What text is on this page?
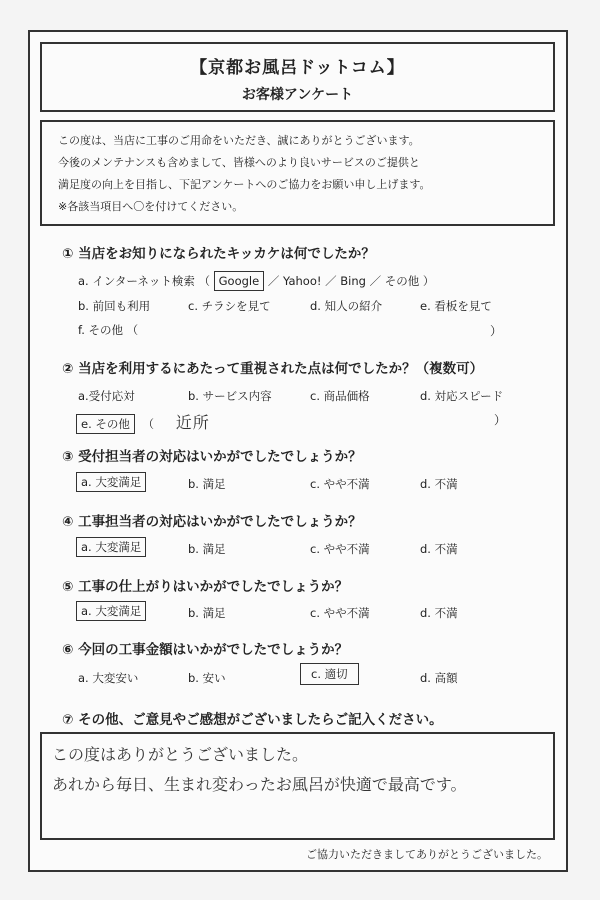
【京都お風呂ドットコム】
お客様アンケート
この度は、当店に工事のご用命をいただき、誠にありがとうございます。
今後のメンテナンスも含めまして、皆様へのより良いサービスのご提供と
満足度の向上を目指し、下記アンケートへのご協力をお願い申し上げます。
※各該当項目へ〇を付けてください。
① 当店をお知りになられたキッカケは何でしたか？
a. インターネット検索 （ Google ／ Yahoo! ／ Bing ／ その他 ）
b. 前回も利用	c. チラシを見て	d. 知人の紹介	e. 看板を見て
f. その他 （	）
② 当店を利用するにあたって重視された点は何でしたか？（複数可）
a.受付応対	b. サービス内容	c. 商品価格	d. 対応スピード
e. その他 （ 近所	）
③ 受付担当者の対応はいかがでしたでしょうか？
a. 大変満足	b. 満足	c. やや不満	d. 不満
④ 工事担当者の対応はいかがでしたでしょうか？
a. 大変満足	b. 満足	c. やや不満	d. 不満
⑤ 工事の仕上がりはいかがでしたでしょうか？
a. 大変満足	b. 満足	c. やや不満	d. 不満
⑥ 今回の工事金額はいかがでしたでしょうか？
a. 大変安い	b. 安い	c. 適切	d. 高額
⑦ その他、ご意見やご感想がございましたらご記入ください。
この度はありがとうございました。
あれから毎日、生まれ変わったお風呂が快適で最高です。
ご協力いただきましてありがとうございました。
